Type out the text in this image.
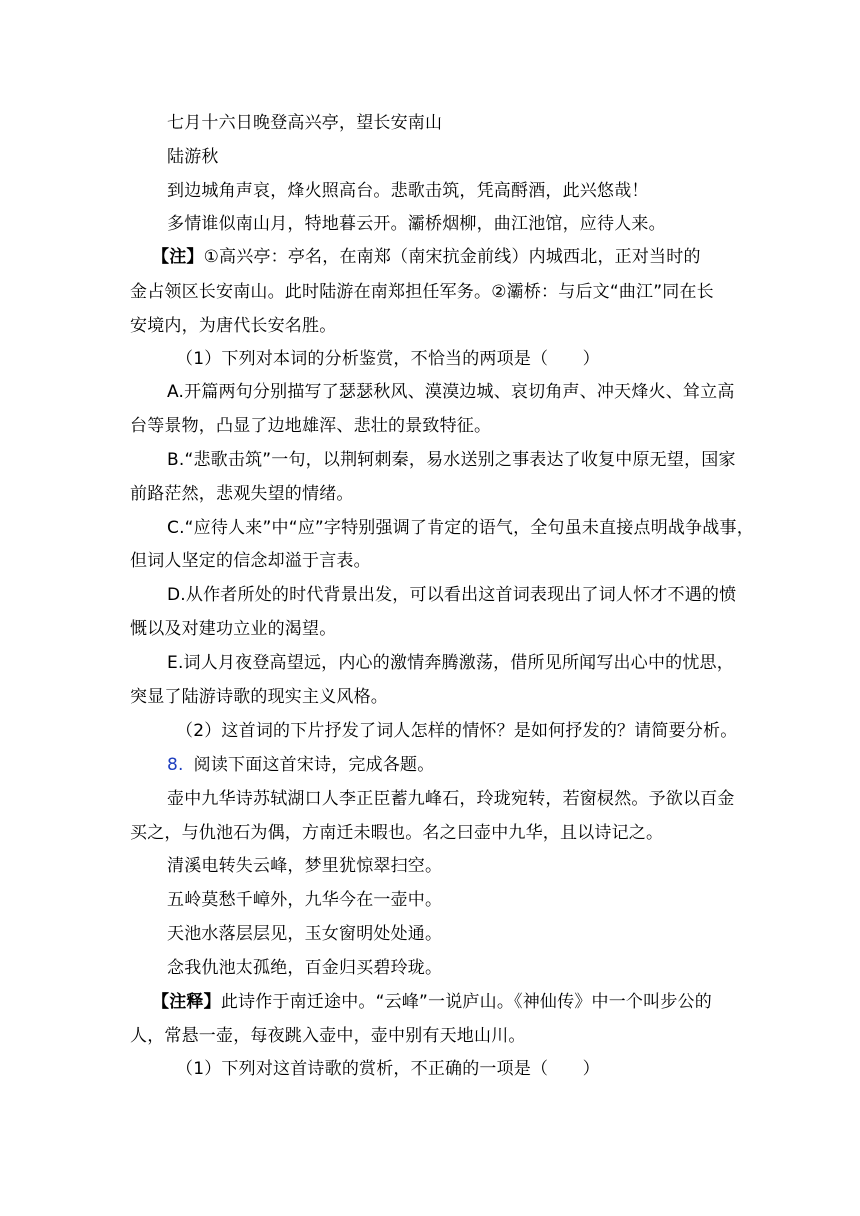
七月十六日晚登高兴亭，望长安南山
陆游秋
到边城角声哀，烽火照高台。悲歌击筑，凭高酹酒，此兴悠哉！
多情谁似南山月，特地暮云开。灞桥烟柳，曲江池馆，应待人来。
【注】①高兴亭：亭名，在南郑（南宋抗金前线）内城西北，正对当时的
金占领区长安南山。此时陆游在南郑担任军务。②灞桥：与后文“曲江”同在长
安境内，为唐代长安名胜。
（1）下列对本词的分析鉴赏，不恰当的两项是（　　）
A.开篇两句分别描写了瑟瑟秋风、漠漠边城、哀切角声、冲天烽火、耸立高
台等景物，凸显了边地雄浑、悲壮的景致特征。
B.“悲歌击筑”一句，以荆轲刺秦，易水送别之事表达了收复中原无望，国家
前路茫然，悲观失望的情绪。
C.“应待人来”中“应”字特别强调了肯定的语气，全句虽未直接点明战争战事，
但词人坚定的信念却溢于言表。
D.从作者所处的时代背景出发，可以看出这首词表现出了词人怀才不遇的愤
慨以及对建功立业的渴望。
E.词人月夜登高望远，内心的激情奔腾激荡，借所见所闻写出心中的忧思，
突显了陆游诗歌的现实主义风格。
（2）这首词的下片抒发了词人怎样的情怀？是如何抒发的？请简要分析。
8. 阅读下面这首宋诗，完成各题。
壶中九华诗苏轼湖口人李正臣蓄九峰石，玲珑宛转，若窗棂然。予欲以百金
买之，与仇池石为偶，方南迁未暇也。名之曰壶中九华，且以诗记之。
清溪电转失云峰，梦里犹惊翠扫空。
五岭莫愁千嶂外，九华今在一壶中。
天池水落层层见，玉女窗明处处通。
念我仇池太孤绝，百金归买碧玲珑。
【注释】此诗作于南迁途中。“云峰”一说庐山。《神仙传》中一个叫步公的
人，常悬一壶，每夜跳入壶中，壶中别有天地山川。
（1）下列对这首诗歌的赏析，不正确的一项是（　　）
